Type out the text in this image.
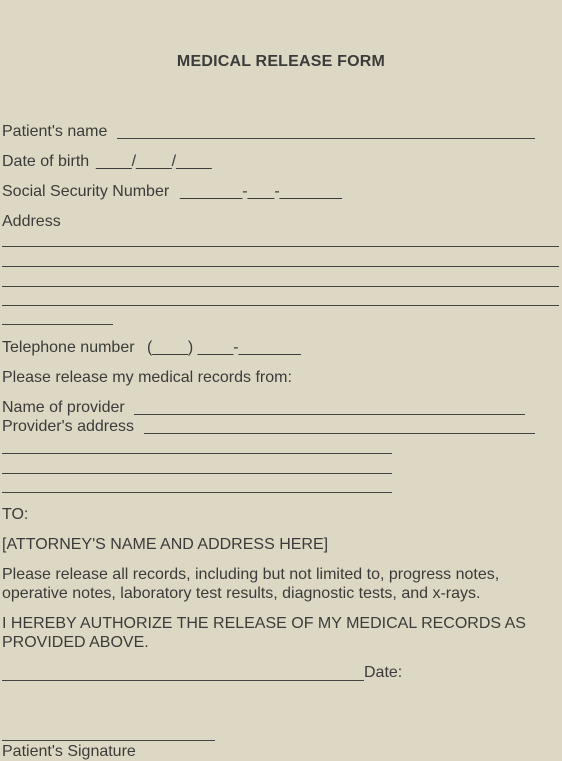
MEDICAL RELEASE FORM
Patient's name
Date of birth ____/____/____
Social Security Number _______-___-_______
Address
Telephone number (____) ____-_______
Please release my medical records from:
Name of provider
Provider's address
TO:
[ATTORNEY'S NAME AND ADDRESS HERE]
Please release all records, including but not limited to, progress notes, operative notes, laboratory test results, diagnostic tests, and x-rays.
I HEREBY AUTHORIZE THE RELEASE OF MY MEDICAL RECORDS AS PROVIDED ABOVE.
Date:
Patient's Signature
